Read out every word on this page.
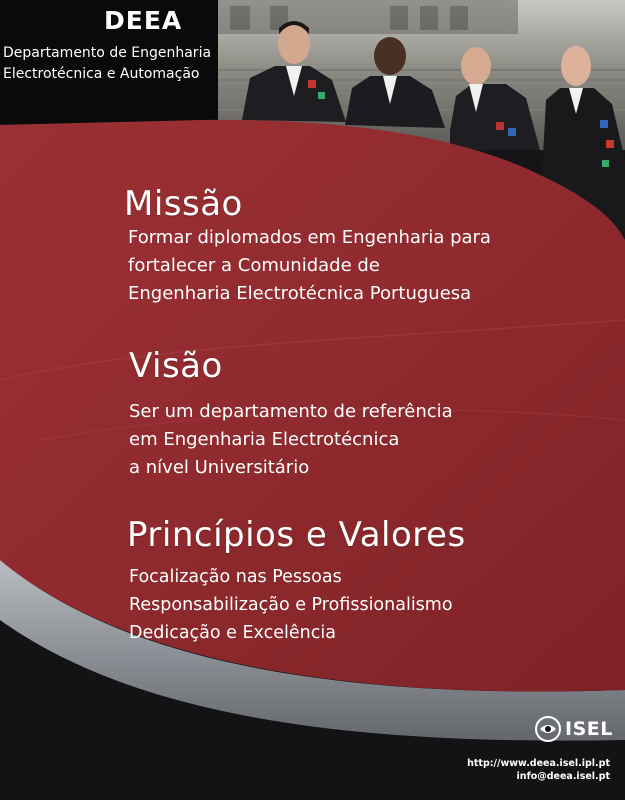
DEEA
Departamento de Engenharia
Electrotécnica e Automação
Missão
Formar diplomados em Engenharia para
fortalecer a Comunidade de
Engenharia Electrotécnica Portuguesa
Visão
Ser um departamento de referência
em Engenharia Electrotécnica
a nível Universitário
Princípios e Valores
Focalização nas Pessoas
Responsabilização e Profissionalismo
Dedicação e Excelência
ISEL
http://www.deea.isel.ipl.pt
info@deea.isel.pt
